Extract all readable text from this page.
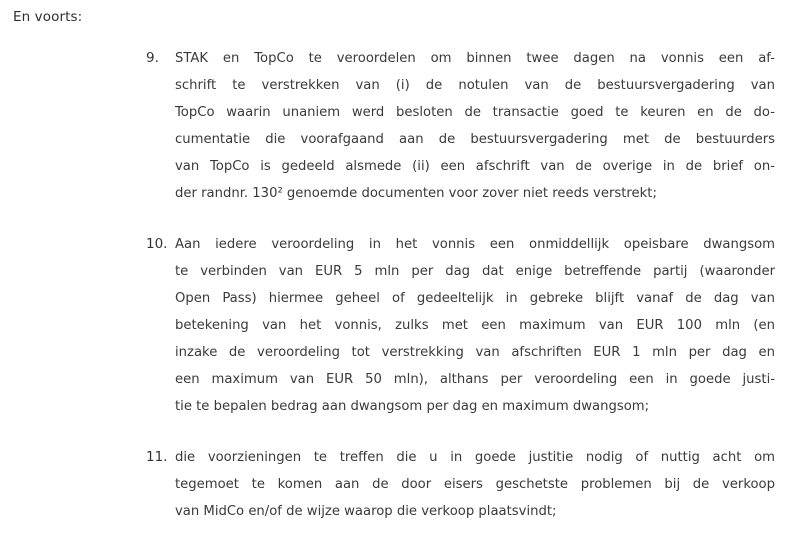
En voorts:
9. STAK en TopCo te veroordelen om binnen twee dagen na vonnis een af-
schrift te verstrekken van (i) de notulen van de bestuursvergadering van
TopCo waarin unaniem werd besloten de transactie goed te keuren en de do-
cumentatie die voorafgaand aan de bestuursvergadering met de bestuurders
van TopCo is gedeeld alsmede (ii) een afschrift van de overige in de brief on-
der randnr. 130² genoemde documenten voor zover niet reeds verstrekt;
10. Aan iedere veroordeling in het vonnis een onmiddellijk opeisbare dwangsom
te verbinden van EUR 5 mln per dag dat enige betreffende partij (waaronder
Open Pass) hiermee geheel of gedeeltelijk in gebreke blijft vanaf de dag van
betekening van het vonnis, zulks met een maximum van EUR 100 mln (en
inzake de veroordeling tot verstrekking van afschriften EUR 1 mln per dag en
een maximum van EUR 50 mln), althans per veroordeling een in goede justi-
tie te bepalen bedrag aan dwangsom per dag en maximum dwangsom;
11. die voorzieningen te treffen die u in goede justitie nodig of nuttig acht om
tegemoet te komen aan de door eisers geschetste problemen bij de verkoop
van MidCo en/of de wijze waarop die verkoop plaatsvindt;
